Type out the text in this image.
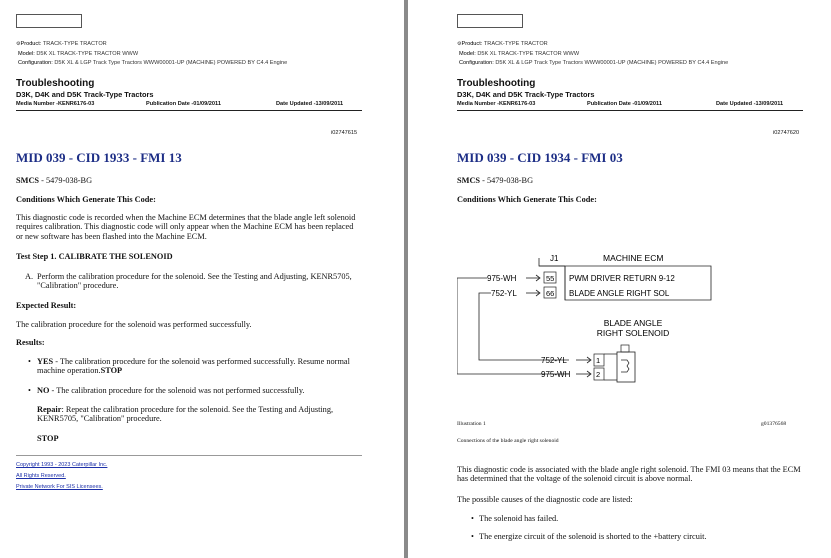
⚙Product: TRACK-TYPE TRACTOR
Model: D5K XL TRACK-TYPE TRACTOR WWW
Configuration: D5K XL & LGP Track Type Tractors WWW00001-UP (MACHINE) POWERED BY C4.4 Engine
Troubleshooting
D3K, D4K and D5K Track-Type Tractors
Media Number -KENR6176-03	Publication Date -01/09/2011	Date Updated -13/09/2011
i02747615
MID 039 - CID 1933 - FMI 13
SMCS - 5479-038-BG
Conditions Which Generate This Code:
This diagnostic code is recorded when the Machine ECM determines that the blade angle left solenoid requires calibration. This diagnostic code will only appear when the Machine ECM has been replaced or new software has been flashed into the Machine ECM.
Test Step 1. CALIBRATE THE SOLENOID
A. Perform the calibration procedure for the solenoid. See the Testing and Adjusting, KENR5705, "Calibration" procedure.
Expected Result:
The calibration procedure for the solenoid was performed successfully.
Results:
• YES - The calibration procedure for the solenoid was performed successfully. Resume normal machine operation.STOP
• NO - The calibration procedure for the solenoid was not performed successfully.
Repair: Repeat the calibration procedure for the solenoid. See the Testing and Adjusting, KENR5705, "Calibration" procedure.
STOP
Copyright 1993 - 2023 Caterpillar Inc.
All Rights Reserved.
Private Network For SIS Licensees.
⚙Product: TRACK-TYPE TRACTOR
Model: D5K XL TRACK-TYPE TRACTOR WWW
Configuration: D5K XL & LGP Track Type Tractors WWW00001-UP (MACHINE) POWERED BY C4.4 Engine
Troubleshooting
D3K, D4K and D5K Track-Type Tractors
Media Number -KENR6176-03	Publication Date -01/09/2011	Date Updated -13/09/2011
i02747620
MID 039 - CID 1934 - FMI 03
SMCS - 5479-038-BG
Conditions Which Generate This Code:
J1	MACHINE ECM
975-WH	55 PWM DRIVER RETURN 9-12
752-YL	66 BLADE ANGLE RIGHT SOL
BLADE ANGLE
RIGHT SOLENOID
752-YL
975-WH
1
2
Illustration 1	g01376568
Connections of the blade angle right solenoid
This diagnostic code is associated with the blade angle right solenoid. The FMI 03 means that the ECM has determined that the voltage of the solenoid circuit is above normal.
The possible causes of the diagnostic code are listed:
• The solenoid has failed.
• The energize circuit of the solenoid is shorted to the +battery circuit.
